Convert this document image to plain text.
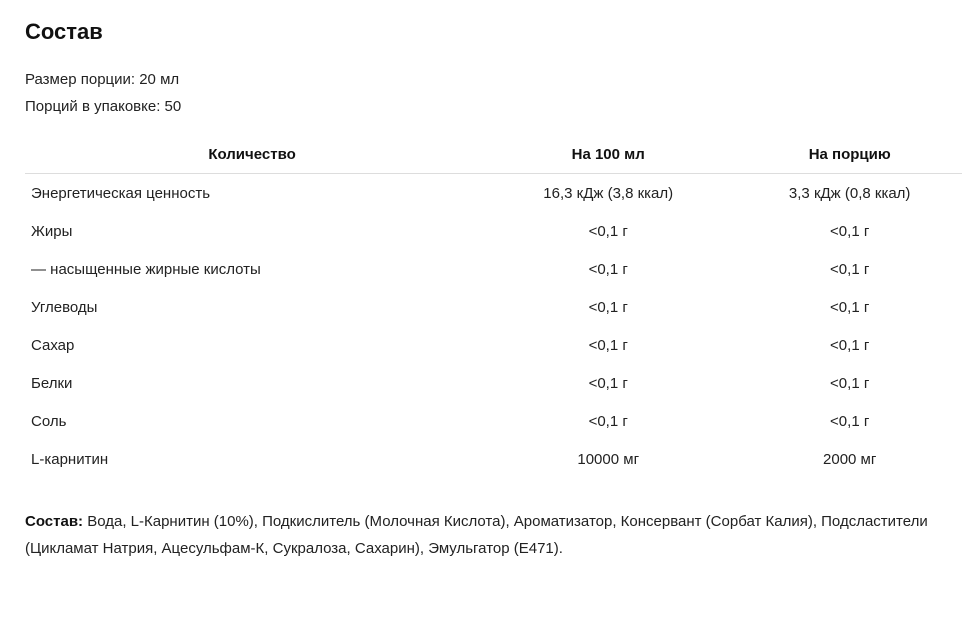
Состав
Размер порции: 20 мл
Порций в упаковке: 50
Количество	На 100 мл	На порцию
Энергетическая ценность	16,3 кДж (3,8 ккал)	3,3 кДж (0,8 ккал)
Жиры	<0,1 г	<0,1 г
— насыщенные жирные кислоты	<0,1 г	<0,1 г
Углеводы	<0,1 г	<0,1 г
Сахар	<0,1 г	<0,1 г
Белки	<0,1 г	<0,1 г
Соль	<0,1 г	<0,1 г
L-карнитин	10000 мг	2000 мг
Состав: Вода, L-Карнитин (10%), Подкислитель (Молочная Кислота), Ароматизатор, Консервант (Сорбат Калия), Подсластители (Цикламат Натрия, Ацесульфам-К, Сукралоза, Сахарин), Эмульгатор (Е471).
